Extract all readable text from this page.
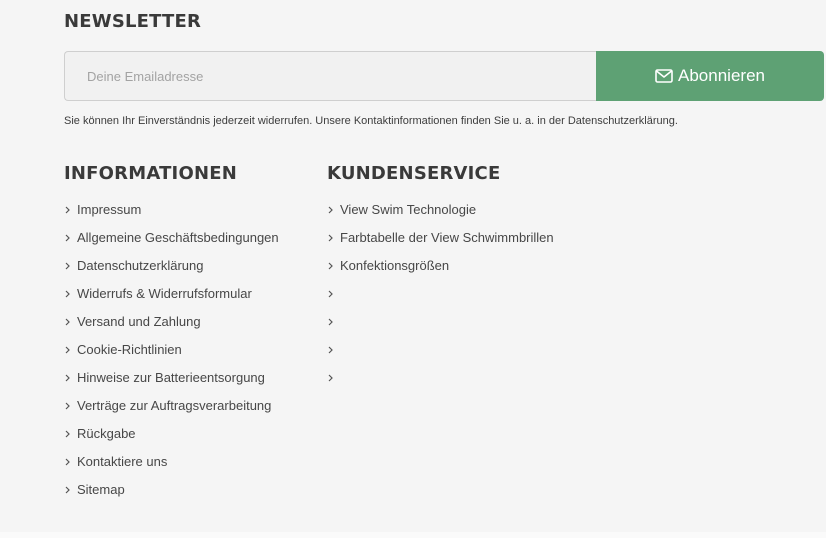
NEWSLETTER
Deine Emailadresse
Abonnieren

Sie können Ihr Einverständnis jederzeit widerrufen. Unsere Kontaktinformationen finden Sie u. a. in der Datenschutzerklärung.

INFORMATIONEN
Impressum
Allgemeine Geschäftsbedingungen
Datenschutzerklärung
Widerrufs & Widerrufsformular
Versand und Zahlung
Cookie-Richtlinien
Hinweise zur Batterieentsorgung
Verträge zur Auftragsverarbeitung
Rückgabe
Kontaktiere uns
Sitemap
KUNDENSERVICE
View Swim Technologie
Farbtabelle der View Schwimmbrillen
Konfektionsgrößen
